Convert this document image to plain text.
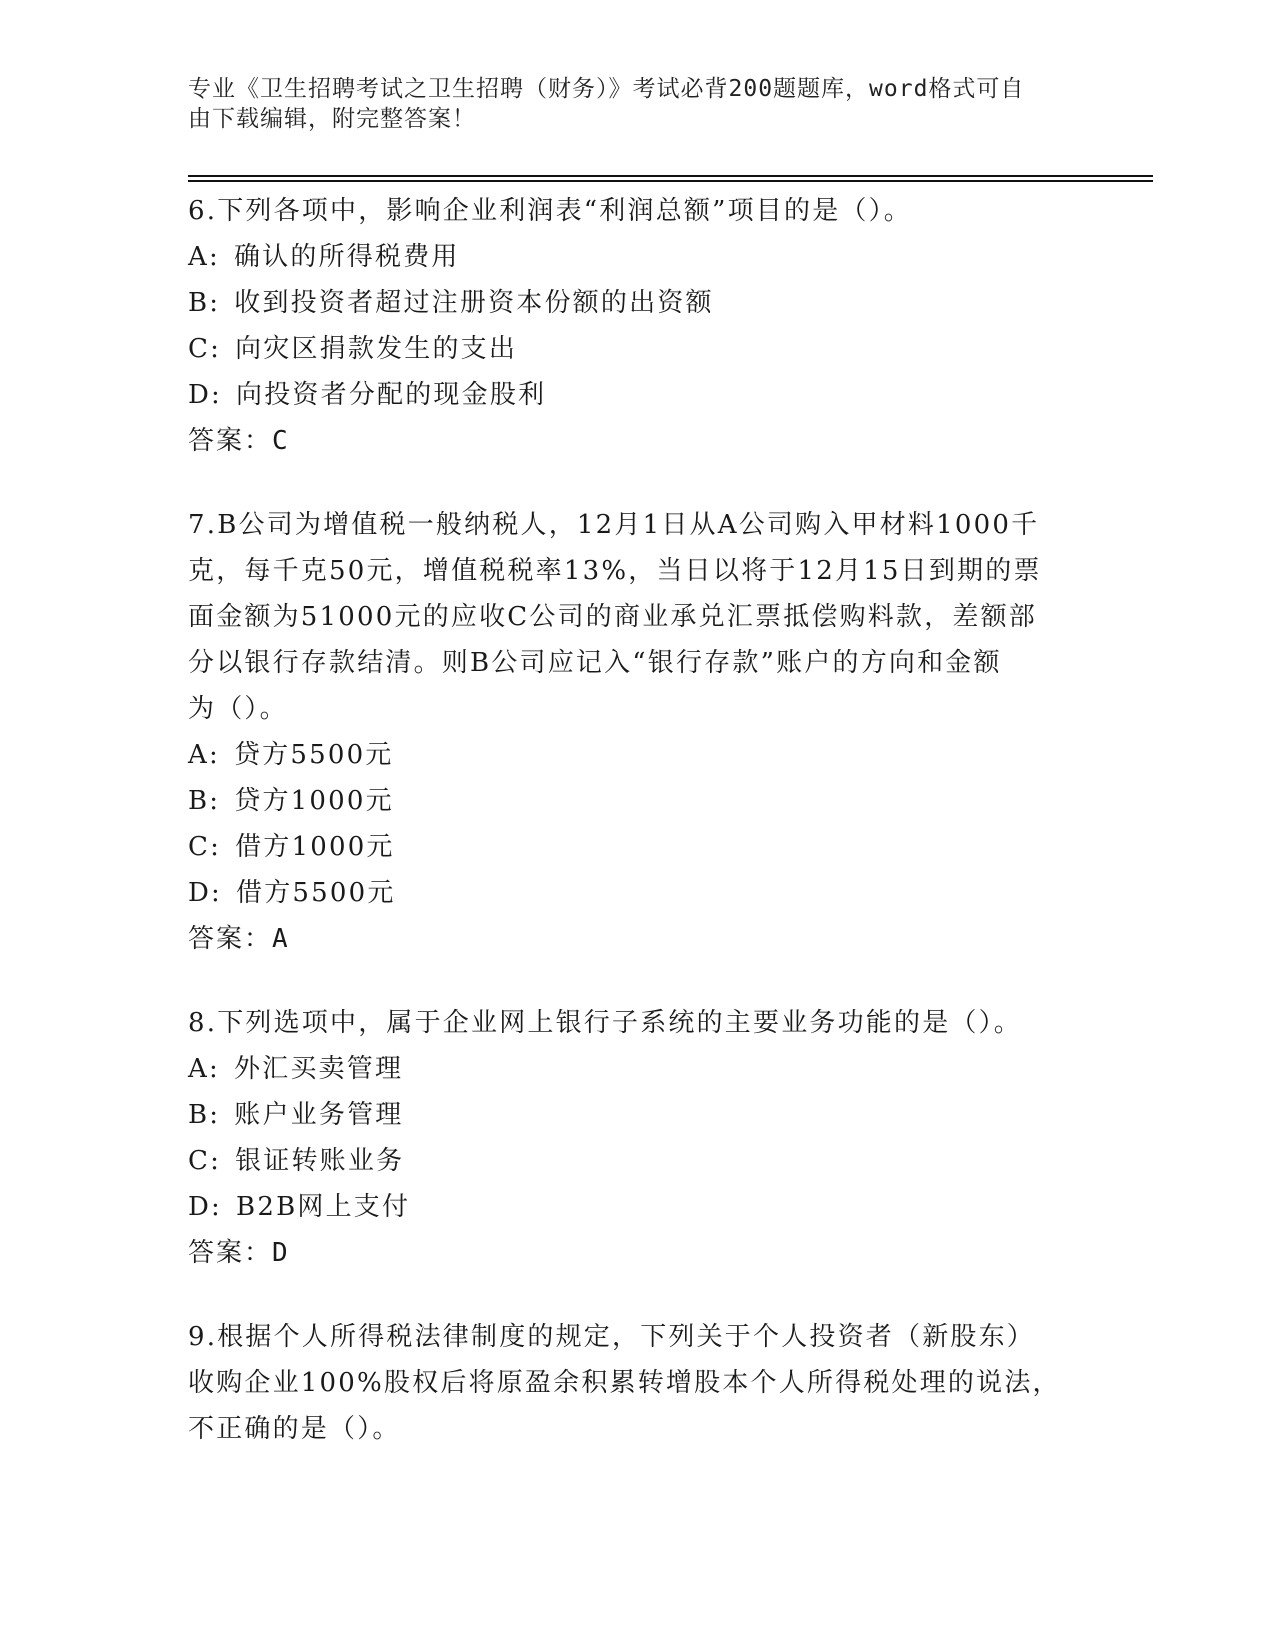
专业《卫生招聘考试之卫生招聘（财务）》考试必背200题题库，word格式可自
由下载编辑，附完整答案！

6.下列各项中，影响企业利润表“利润总额”项目的是（）。

A: 确认的所得税费用

B: 收到投资者超过注册资本份额的出资额

C: 向灾区捐款发生的支出

D: 向投资者分配的现金股利

答案：C

7.B公司为增值税一般纳税人，12月1日从A公司购入甲材料1000千

克，每千克50元，增值税税率13%，当日以将于12月15日到期的票

面金额为51000元的应收C公司的商业承兑汇票抵偿购料款，差额部

分以银行存款结清。则B公司应记入“银行存款”账户的方向和金额

为（）。

A: 贷方5500元

B: 贷方1000元

C: 借方1000元

D: 借方5500元

答案：A

8.下列选项中，属于企业网上银行子系统的主要业务功能的是（）。

A: 外汇买卖管理

B: 账户业务管理

C: 银证转账业务

D: B2B网上支付

答案：D

9.根据个人所得税法律制度的规定，下列关于个人投资者（新股东）

收购企业100%股权后将原盈余积累转增股本个人所得税处理的说法，

不正确的是（）。
